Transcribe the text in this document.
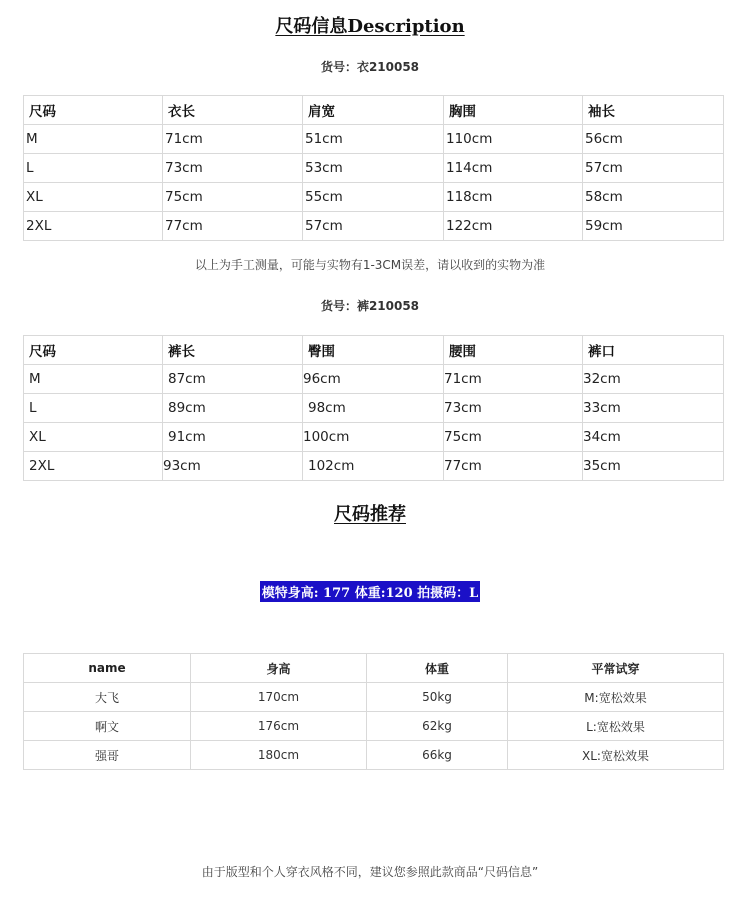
尺码信息Description
货号：衣210058
尺码	衣长	肩宽	胸围	袖长
M	71cm	51cm	110cm	56cm
L	73cm	53cm	114cm	57cm
XL	75cm	55cm	118cm	58cm
2XL	77cm	57cm	122cm	59cm
以上为手工测量，可能与实物有1-3CM误差，请以收到的实物为准
货号：裤210058
尺码	裤长	臀围	腰围	裤口
M	87cm	96cm	71cm	32cm
L	89cm	98cm	73cm	33cm
XL	91cm	100cm	75cm	34cm
2XL	93cm	102cm	77cm	35cm
尺码推荐
模特身高: 177 体重:120 拍摄码：L
name	身高	体重	平常试穿
大飞	170cm	50kg	M:宽松效果
啊文	176cm	62kg	L:宽松效果
强哥	180cm	66kg	XL:宽松效果
由于版型和个人穿衣风格不同，建议您参照此款商品“尺码信息”
